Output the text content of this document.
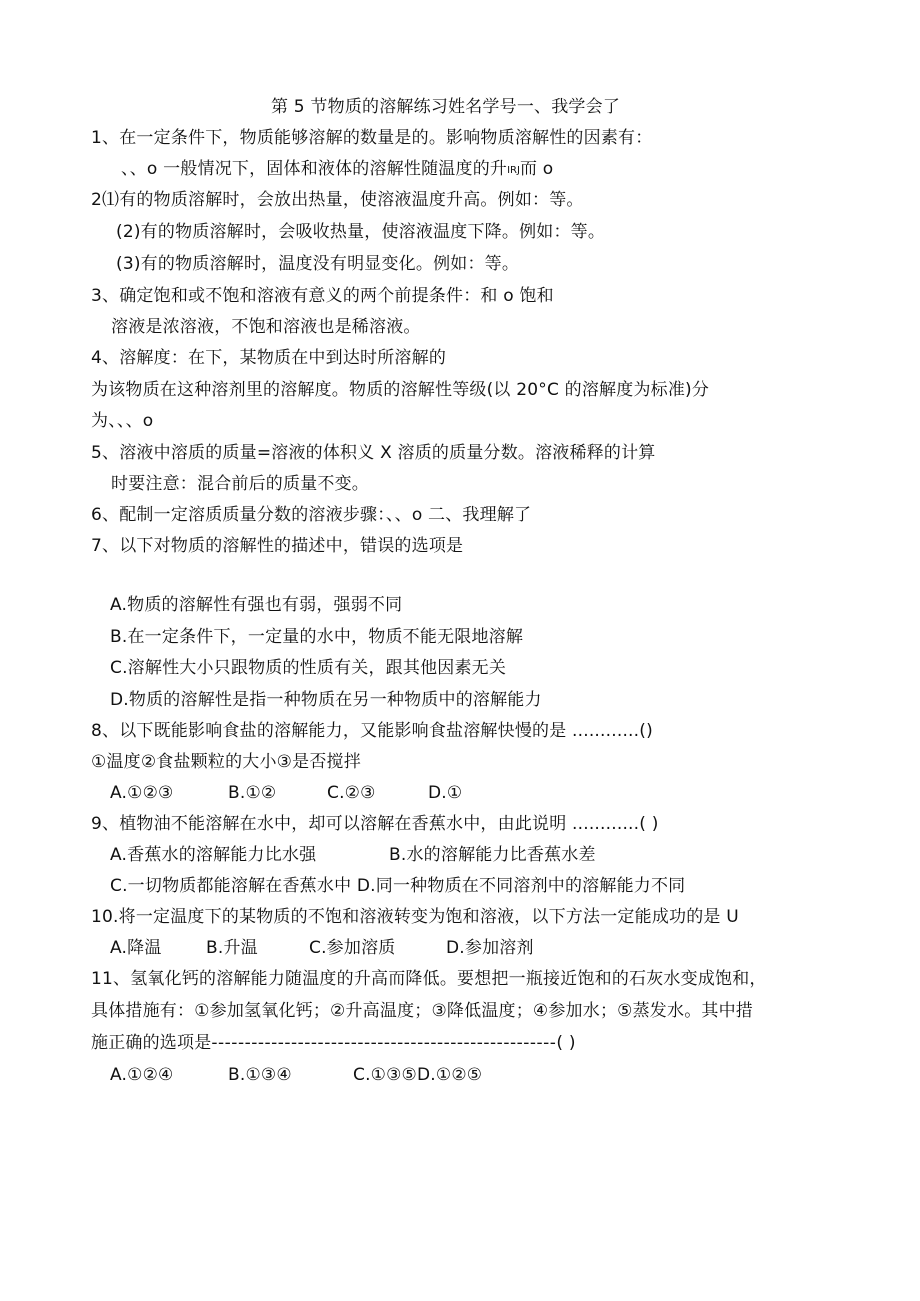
第 5 节物质的溶解练习姓名学号一、我学会了
1、在一定条件下，物质能够溶解的数量是的。影响物质溶解性的因素有：
、、o 一般情况下，固体和液体的溶解性随温度的升IRJ而 o
2⑴有的物质溶解时，会放出热量，使溶液温度升高。例如：等。
(2)有的物质溶解时，会吸收热量，使溶液温度下降。例如：等。
(3)有的物质溶解时，温度没有明显变化。例如：等。
3、确定饱和或不饱和溶液有意义的两个前提条件：和 o 饱和
溶液是浓溶液，不饱和溶液也是稀溶液。
4、溶解度：在下，某物质在中到达时所溶解的
为该物质在这种溶剂里的溶解度。物质的溶解性等级(以 20°C 的溶解度为标准)分
为、、、o
5、溶液中溶质的质量=溶液的体积义 X 溶质的质量分数。溶液稀释的计算
时要注意：混合前后的质量不变。
6、配制一定溶质质量分数的溶液步骤：、、o 二、我理解了
7、以下对物质的溶解性的描述中，错误的选项是
A.物质的溶解性有强也有弱，强弱不同
B.在一定条件下，一定量的水中，物质不能无限地溶解
C.溶解性大小只跟物质的性质有关，跟其他因素无关
D.物质的溶解性是指一种物质在另一种物质中的溶解能力
8、以下既能影响食盐的溶解能力，又能影响食盐溶解快慢的是 ............()
①温度②食盐颗粒的大小③是否搅拌
A.①②③	B.①②	C.②③	D.①
9、植物油不能溶解在水中，却可以溶解在香蕉水中，由此说明 ............( )
A.香蕉水的溶解能力比水强	B.水的溶解能力比香蕉水差
C.一切物质都能溶解在香蕉水中 D.同一种物质在不同溶剂中的溶解能力不同
10.将一定温度下的某物质的不饱和溶液转变为饱和溶液，以下方法一定能成功的是 U
A.降温	B.升温	C.参加溶质	D.参加溶剂
11、氢氧化钙的溶解能力随温度的升高而降低。要想把一瓶接近饱和的石灰水变成饱和，
具体措施有：①参加氢氧化钙；②升高温度；③降低温度；④参加水；⑤蒸发水。其中措
施正确的选项是----------------------------------------------------( )
A.①②④	B.①③④	C.①③⑤D.①②⑤
